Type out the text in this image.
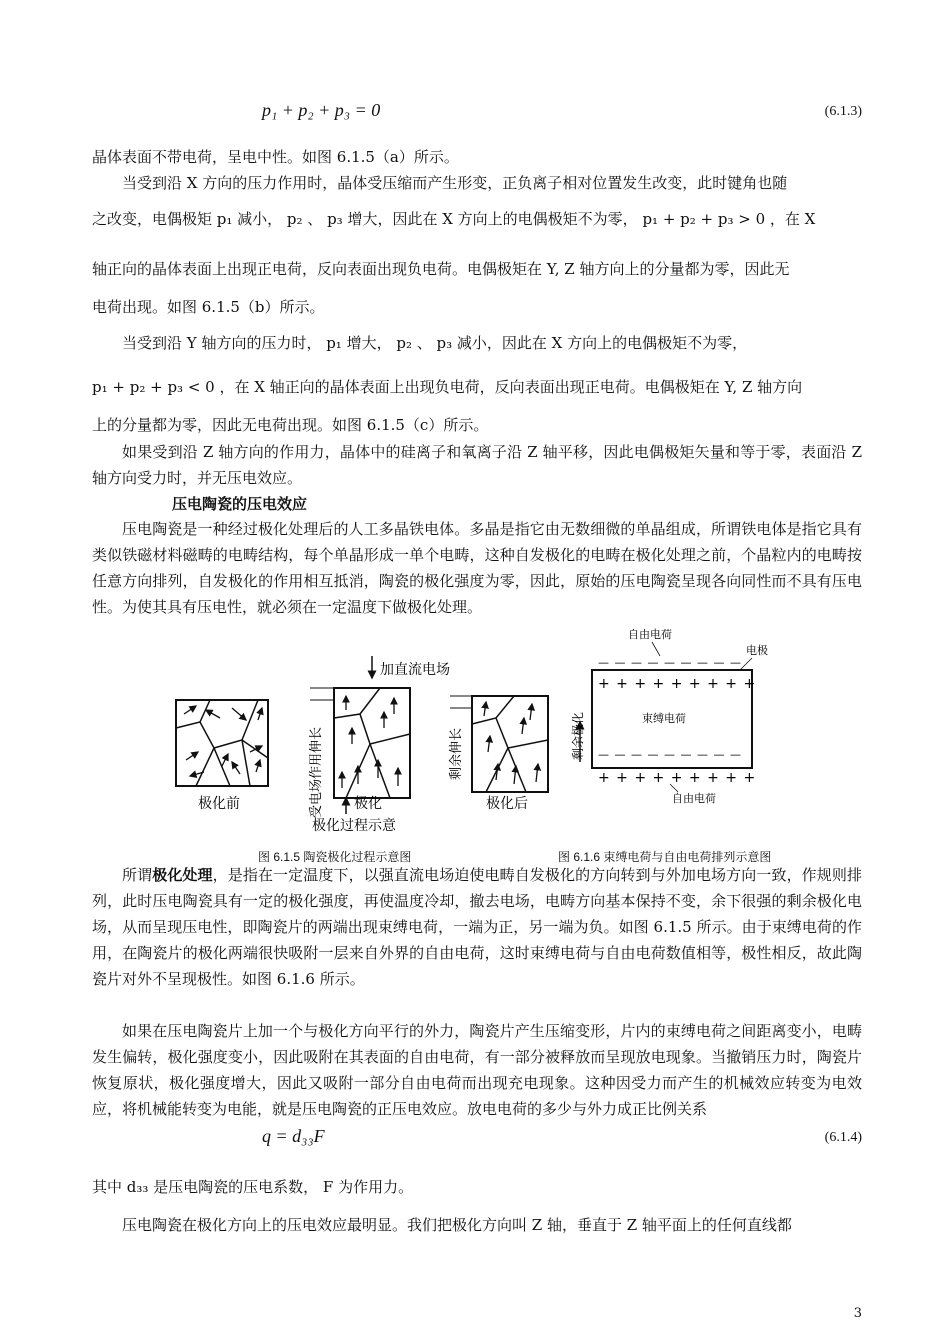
p₁ + p₂ + p₃ = 0	(6.1.3)
晶体表面不带电荷，呈电中性。如图 6.1.5（a）所示。
当受到沿 X 方向的压力作用时，晶体受压缩而产生形变，正负离子相对位置发生改变，此时键角也随
之改变，电偶极矩 p₁ 减小， p₂ 、 p₃ 增大，因此在 X 方向上的电偶极矩不为零， p₁ + p₂ + p₃ > 0 ，在 X
轴正向的晶体表面上出现正电荷，反向表面出现负电荷。电偶极矩在 Y, Z 轴方向上的分量都为零，因此无
电荷出现。如图 6.1.5（b）所示。
当受到沿 Y 轴方向的压力时， p₁ 增大， p₂ 、 p₃ 减小，因此在 X 方向上的电偶极矩不为零，
p₁ + p₂ + p₃ < 0 ，在 X 轴正向的晶体表面上出现负电荷，反向表面出现正电荷。电偶极矩在 Y, Z 轴方向
上的分量都为零，因此无电荷出现。如图 6.1.5（c）所示。
如果受到沿 Z 轴方向的作用力，晶体中的硅离子和氧离子沿 Z 轴平移，因此电偶极矩矢量和等于零，表面沿 Z 轴方向受力时，并无压电效应。
压电陶瓷的压电效应
压电陶瓷是一种经过极化处理后的人工多晶铁电体。多晶是指它由无数细微的单晶组成，所谓铁电体是指它具有类似铁磁材料磁畴的电畴结构，每个单晶形成一单个电畴，这种自发极化的电畴在极化处理之前，个晶粒内的电畴按任意方向排列，自发极化的作用相互抵消，陶瓷的极化强度为零，因此，原始的压电陶瓷呈现各向同性而不具有压电性。为使其具有压电性，就必须在一定温度下做极化处理。
加直流电场
极化前	极化	极化后
极化过程示意
受电场作用伸长	剩余伸长
自由电荷
— — — — — — — — —
电极
+ + + + + + + + +
束缚电荷
— — — — — — — — —
+ + + + + + + + +
自由电荷
剩余极化
图 6.1.5 陶瓷极化过程示意图	图 6.1.6 束缚电荷与自由电荷排列示意图
所谓极化处理，是指在一定温度下，以强直流电场迫使电畴自发极化的方向转到与外加电场方向一致，作规则排列，此时压电陶瓷具有一定的极化强度，再使温度冷却，撤去电场，电畴方向基本保持不变，余下很强的剩余极化电场，从而呈现压电性，即陶瓷片的两端出现束缚电荷，一端为正，另一端为负。如图 6.1.5 所示。由于束缚电荷的作用，在陶瓷片的极化两端很快吸附一层来自外界的自由电荷，这时束缚电荷与自由电荷数值相等，极性相反，故此陶瓷片对外不呈现极性。如图 6.1.6 所示。
如果在压电陶瓷片上加一个与极化方向平行的外力，陶瓷片产生压缩变形，片内的束缚电荷之间距离变小，电畴发生偏转，极化强度变小，因此吸附在其表面的自由电荷，有一部分被释放而呈现放电现象。当撤销压力时，陶瓷片恢复原状，极化强度增大，因此又吸附一部分自由电荷而出现充电现象。这种因受力而产生的机械效应转变为电效应，将机械能转变为电能，就是压电陶瓷的正压电效应。放电电荷的多少与外力成正比例关系
q = d₃₃F	(6.1.4)
其中 d₃₃ 是压电陶瓷的压电系数， F 为作用力。
压电陶瓷在极化方向上的压电效应最明显。我们把极化方向叫 Z 轴，垂直于 Z 轴平面上的任何直线都
3
